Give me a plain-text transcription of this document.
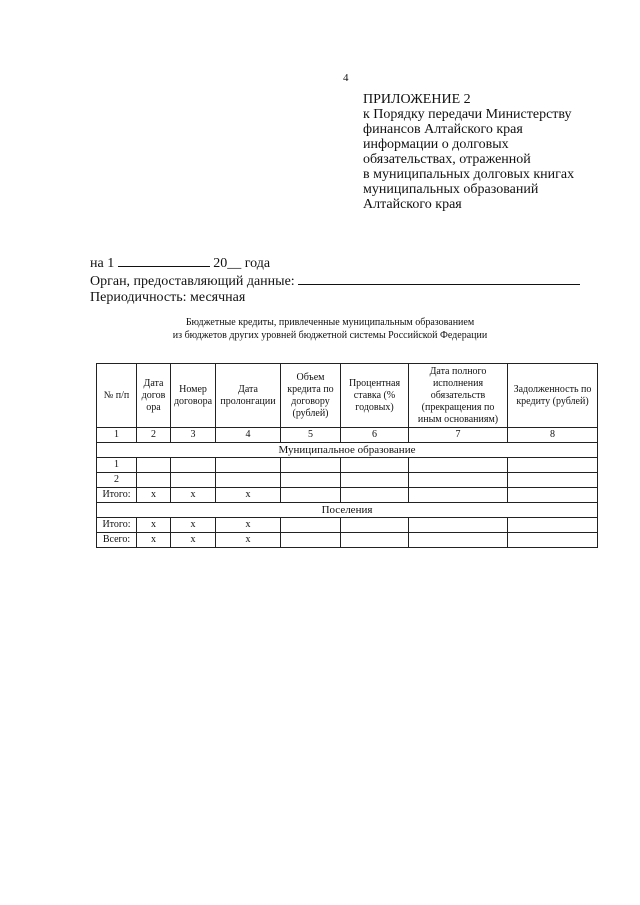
4
ПРИЛОЖЕНИЕ 2
к Порядку передачи Министерству
финансов Алтайского края
информации о долговых
обязательствах, отраженной
в муниципальных долговых книгах
муниципальных образований
Алтайского края
на 1	20__ года
Орган, предоставляющий данные:
Периодичность: месячная
Бюджетные кредиты, привлеченные муниципальным образованием
из бюджетов других уровней бюджетной системы Российской Федерации
№ п/п	Дата догов ора	Номер договора	Дата пролонгации	Объем кредита по договору (рублей)	Процентная ставка (% годовых)	Дата полного исполнения обязательств (прекращения по иным основаниям)	Задолженность по кредиту (рублей)
1	2	3	4	5	6	7	8
Муниципальное образование							
1							
2							
Итого:	x	x	x				
Поселения							
Итого:	x	x	x				
Всего:	x	x	x				
